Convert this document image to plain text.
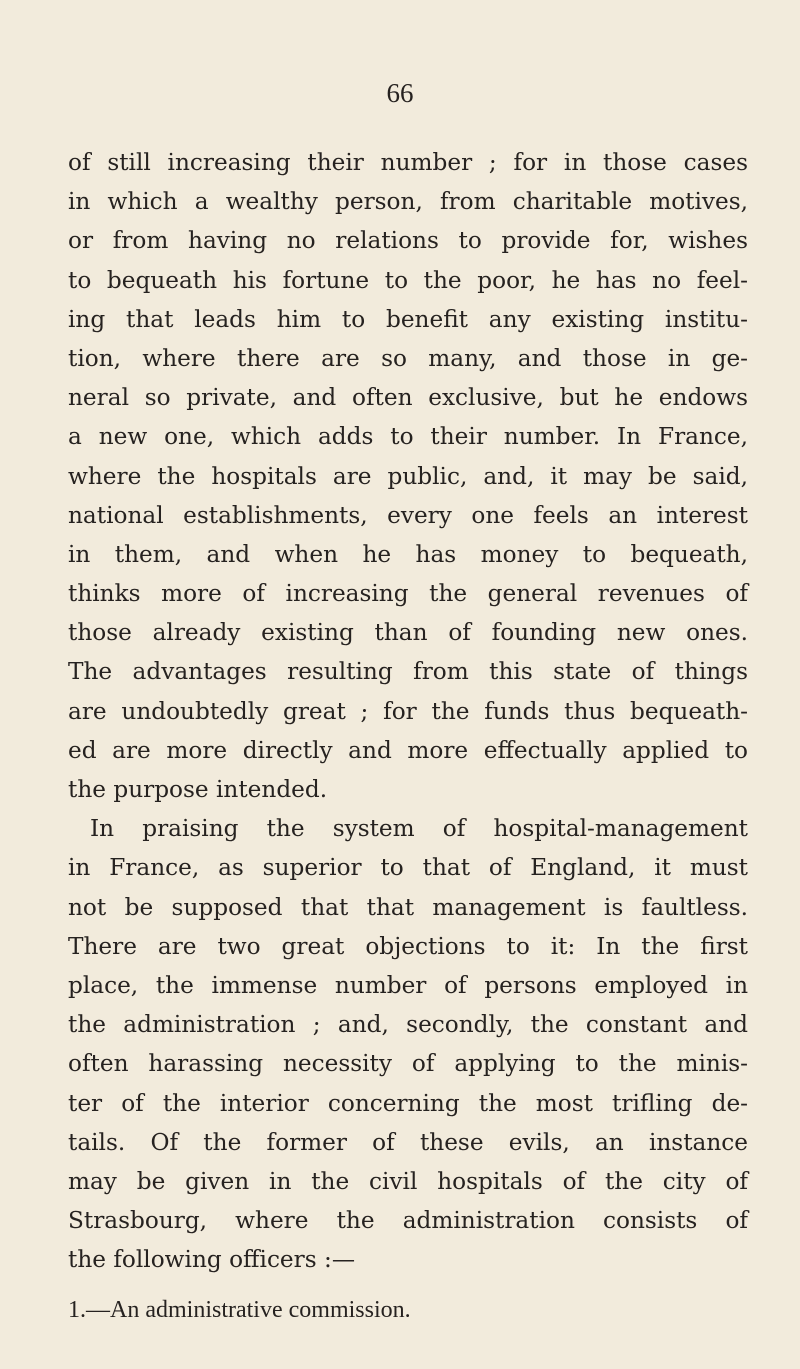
66
of still increasing their number ; for in those cases
in which a wealthy person, from charitable motives,
or from having no relations to provide for, wishes
to bequeath his fortune to the poor, he has no feel-
ing that leads him to benefit any existing institu-
tion, where there are so many, and those in ge-
neral so private, and often exclusive, but he endows
a new one, which adds to their number. In France,
where the hospitals are public, and, it may be said,
national establishments, every one feels an interest
in them, and when he has money to bequeath,
thinks more of increasing the general revenues of
those already existing than of founding new ones.
The advantages resulting from this state of things
are undoubtedly great ; for the funds thus bequeath-
ed are more directly and more effectually applied to
the purpose intended.
In praising the system of hospital-management
in France, as superior to that of England, it must
not be supposed that that management is faultless.
There are two great objections to it: In the first
place, the immense number of persons employed in
the administration ; and, secondly, the constant and
often harassing necessity of applying to the minis-
ter of the interior concerning the most trifling de-
tails. Of the former of these evils, an instance
may be given in the civil hospitals of the city of
Strasbourg, where the administration consists of
the following officers :—
1.—An administrative commission.
